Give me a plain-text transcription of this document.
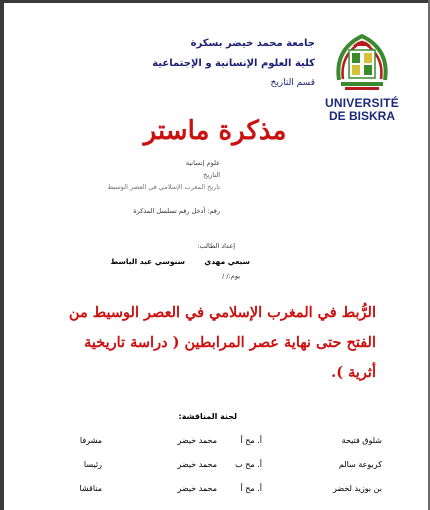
UNIVERSITÉ
DE BISKRA
جامعة محمد خيضر بسكرة
كلية العلوم الإنسانية و الإجتماعية
قسم التاريخ
مذكرة ماستر
علوم إنسانية
التاريخ
تاريخ المغرب الإسلامي في العصر الوسيط
رقم: أدخل رقم تسلسل المذكرة
إعداد الطالب:
سبعي مهدي
سنوسي عبد الباسط
يوم:/ /
الرُّبط في المغرب الإسلامي في العصر الوسيط من الفتح حتى نهاية عصر المرابطين ( دراسة تاريخية أثرية ).
لجنة المناقشة:
شلوق فتيحة
أ. مح أ
محمد خيضر
مشرفا
كربوعة سالم
أ. مح ب
محمد خيضر
رئيسا
بن بوزيد لخضر
أ. مح أ
محمد خيضر
مناقشا
